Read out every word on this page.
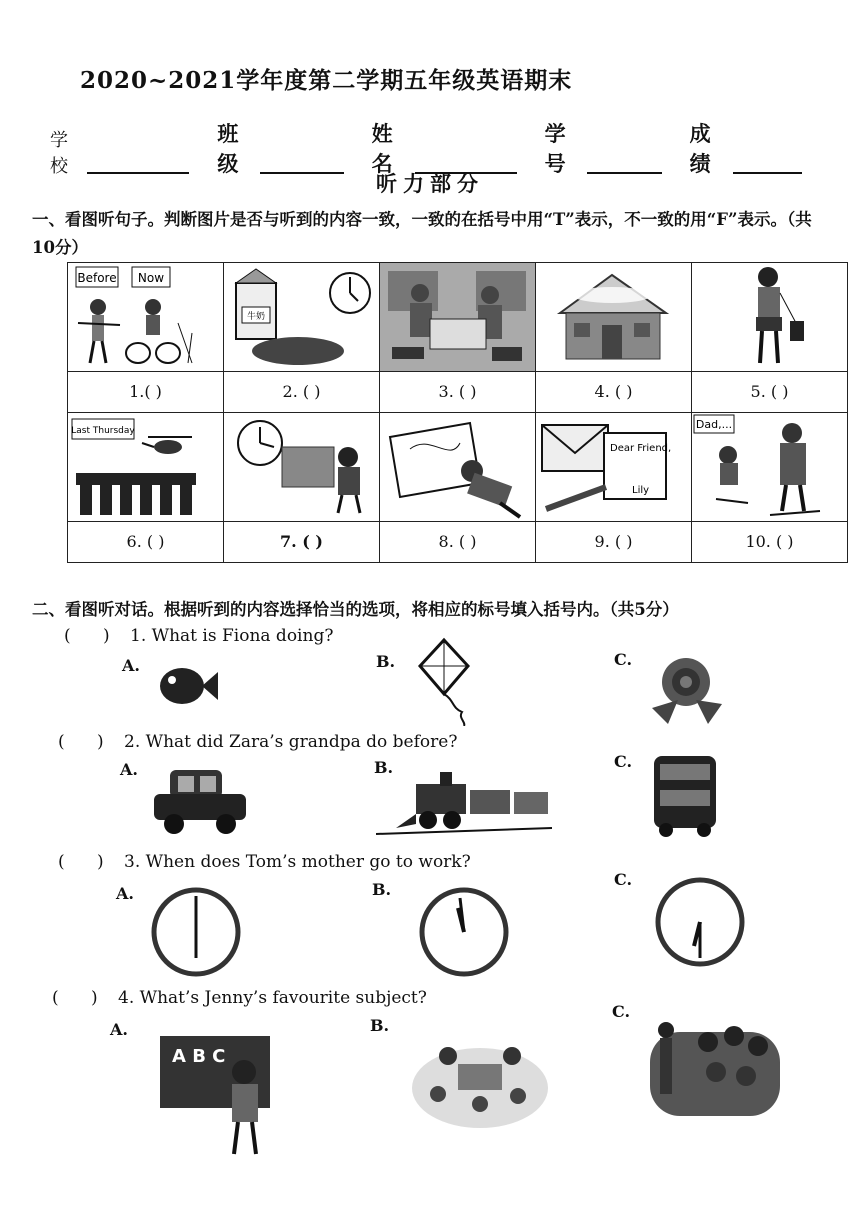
2020~2021学年度第二学期五年级英语期末
学校
班级
姓名
学号
成绩
听力部分
一、看图听句子。判断图片是否与听到的内容一致，一致的在括号中用“T”表示，不一致的用“F”表示。（共10分）
Before Now	牛奶

1.( )	2. ( )	3. ( )	4. ( )	5. ( )

Last Thursday			Dear Friend,
Lily	Dad,...

6. ( )	7. ( )	8. ( )	9. ( )	10. ( )
二、看图听对话。根据听到的内容选择恰当的选项，将相应的标号填入括号内。（共5分）
(      ) 1. What is Fiona doing?
A.	B.	C.
(      ) 2. What did Zara’s grandpa do before?
A.	B.	C.
(      ) 3. When does Tom’s mother go to work?
A.	B.
C.
(      ) 4. What’s Jenny’s favourite subject?
A.	B.
C.
A B C
